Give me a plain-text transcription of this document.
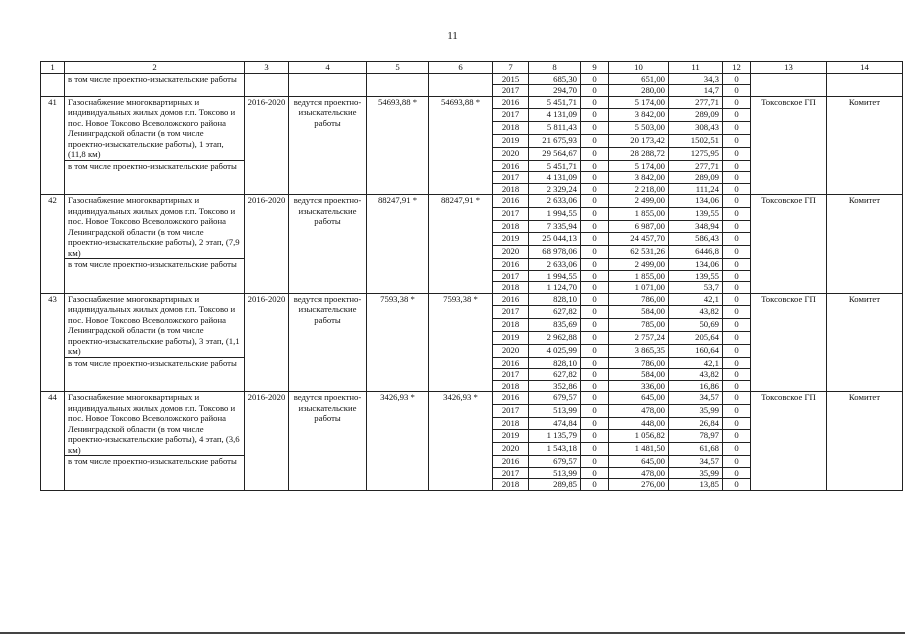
11
1	2	3	4	5	6	7	8	9	10	11	12	13	14
	в том числе проектно-изыскательские работы					2015	685,30	0	651,00	34,3	0		
						2017	294,70	0	280,00	14,7	0		
41	Газоснабжение многоквартирных и индивидуальных жилых домов г.п. Токсово и пос. Новое Токсово Всеволожского района Ленинградской области (в том числе проектно-изыскательские работы), 1 этап, (11,8 км)	2016-2020	ведутся проектно-изыскательские работы	54693,88 *	54693,88 *	2016	5 451,71	0	5 174,00	277,71	0	Токсовское ГП	Комитет
						2017	4 131,09	0	3 842,00	289,09	0		
						2018	5 811,43	0	5 503,00	308,43	0		
						2019	21 675,93	0	20 173,42	1502,51	0		
						2020	29 564,67	0	28 288,72	1275,95	0		
	в том числе проектно-изыскательские работы					2016	5 451,71	0	5 174,00	277,71	0		
						2017	4 131,09	0	3 842,00	289,09	0		
						2018	2 329,24	0	2 218,00	111,24	0		
42	Газоснабжение многоквартирных и индивидуальных жилых домов г.п. Токсово и пос. Новое Токсово Всеволожского района Ленинградской области (в том числе проектно-изыскательские работы), 2 этап, (7,9 км)	2016-2020	ведутся проектно-изыскательские работы	88247,91 *	88247,91 *	2016	2 633,06	0	2 499,00	134,06	0	Токсовское ГП	Комитет
						2017	1 994,55	0	1 855,00	139,55	0		
						2018	7 335,94	0	6 987,00	348,94	0		
						2019	25 044,13	0	24 457,70	586,43	0		
						2020	68 978,06	0	62 531,26	6446,8	0		
	в том числе проектно-изыскательские работы					2016	2 633,06	0	2 499,00	134,06	0		
						2017	1 994,55	0	1 855,00	139,55	0		
						2018	1 124,70	0	1 071,00	53,7	0		
43	Газоснабжение многоквартирных и индивидуальных жилых домов г.п. Токсово и пос. Новое Токсово Всеволожского района Ленинградской области (в том числе проектно-изыскательские работы), 3 этап, (1,1 км)	2016-2020	ведутся проектно-изыскательские работы	7593,38 *	7593,38 *	2016	828,10	0	786,00	42,1	0	Токсовское ГП	Комитет
						2017	627,82	0	584,00	43,82	0		
						2018	835,69	0	785,00	50,69	0		
						2019	2 962,88	0	2 757,24	205,64	0		
						2020	4 025,99	0	3 865,35	160,64	0		
	в том числе проектно-изыскательские работы					2016	828,10	0	786,00	42,1	0		
						2017	627,82	0	584,00	43,82	0		
						2018	352,86	0	336,00	16,86	0		
44	Газоснабжение многоквартирных и индивидуальных жилых домов г.п. Токсово и пос. Новое Токсово Всеволожского района Ленинградской области (в том числе проектно-изыскательские работы), 4 этап, (3,6 км)	2016-2020	ведутся проектно-изыскательские работы	3426,93 *	3426,93 *	2016	679,57	0	645,00	34,57	0	Токсовское ГП	Комитет
						2017	513,99	0	478,00	35,99	0		
						2018	474,84	0	448,00	26,84	0		
						2019	1 135,79	0	1 056,82	78,97	0		
						2020	1 543,18	0	1 481,50	61,68	0		
	в том числе проектно-изыскательские работы					2016	679,57	0	645,00	34,57	0		
						2017	513,99	0	478,00	35,99	0		
						2018	289,85	0	276,00	13,85	0		
